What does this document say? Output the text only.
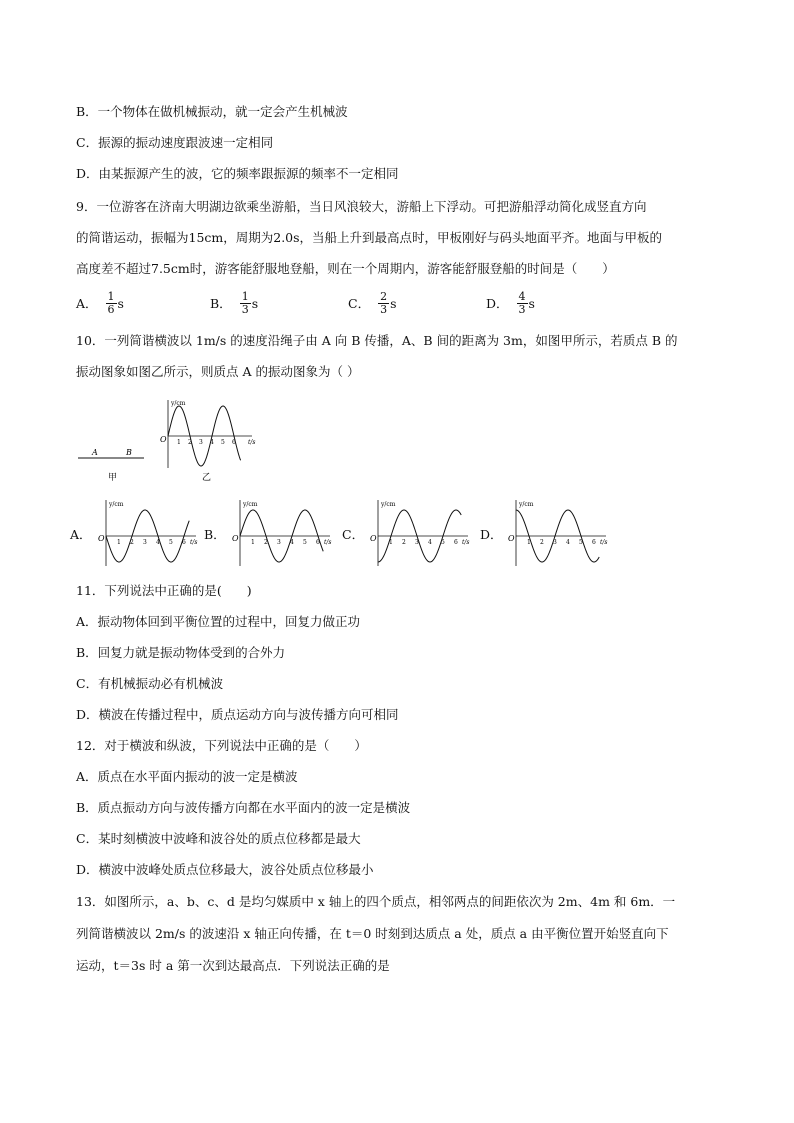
B．一个物体在做机械振动，就一定会产生机械波
C．振源的振动速度跟波速一定相同
D．由某振源产生的波，它的频率跟振源的频率不一定相同
9．一位游客在济南大明湖边欲乘坐游船，当日风浪较大，游船上下浮动。可把游船浮动简化成竖直方向
的简谐运动，振幅为15cm，周期为2.0s，当船上升到最高点时，甲板刚好与码头地面平齐。地面与甲板的
高度差不超过7.5cm时，游客能舒服地登船，则在一个周期内，游客能舒服登船的时间是（　　）
A． $\frac{1}{6}$ s	B． $\frac{1}{3}$ s	C． $\frac{2}{3}$ s	D． $\frac{4}{3}$ s
10．一列简谐横波以 1m/s 的速度沿绳子由 A 向 B 传播，A、B 间的距离为 3m，如图甲所示，若质点 B 的
振动图象如图乙所示，则质点 A 的振动图象为（ ）
A	B
甲
y/cm
t/s
O 1 2 3 4 5 6
乙
A．
y/cm
t/s
O 1 2 3 4 5 6
B．
y/cm
t/s
O 1 2 3 4 5 6
C．
y/cm
t/s
O 1 2 3 4 5 6
D．
y/cm
t/s
O 1 2 3 4 5 6
11．下列说法中正确的是(　　)
A．振动物体回到平衡位置的过程中，回复力做正功
B．回复力就是振动物体受到的合外力
C．有机械振动必有机械波
D．横波在传播过程中，质点运动方向与波传播方向可相同
12．对于横波和纵波，下列说法中正确的是（　　）
A．质点在水平面内振动的波一定是横波
B．质点振动方向与波传播方向都在水平面内的波一定是横波
C．某时刻横波中波峰和波谷处的质点位移都是最大
D．横波中波峰处质点位移最大，波谷处质点位移最小
13．如图所示，a、b、c、d 是均匀媒质中 x 轴上的四个质点，相邻两点的间距依次为 2m、4m 和 6m．一
列简谐横波以 2m/s 的波速沿 x 轴正向传播，在 t＝0 时刻到达质点 a 处，质点 a 由平衡位置开始竖直向下
运动，t＝3s 时 a 第一次到达最高点．下列说法正确的是
